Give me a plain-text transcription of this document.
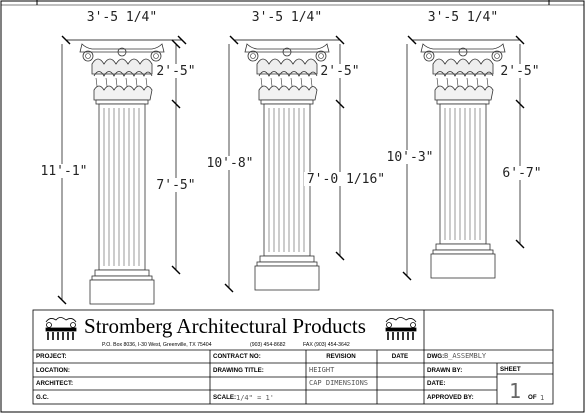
3'-5 1/4"
2'-5"
11'-1"
7'-5"
3'-5 1/4"
2'-5"
10'-8"
7'-0 1/16"
3'-5 1/4"
2'-5"
10'-3"
6'-7"
Stromberg Architectural Products
P.O. Box 8036, I-30 West, Greenville, TX 75404	(903) 454-8682	FAX (903) 454-3642
PROJECT:
LOCATION:
ARCHITECT:
G.C.
CONTRACT NO:
DRAWING TITLE:
SCALE: 1/4" = 1'
REVISION	DATE
HEIGHT
CAP DIMENSIONS
DWG: B_ASSEMBLY
DRAWN BY:
DATE:
APPROVED BY:
SHEET
1 OF 1
